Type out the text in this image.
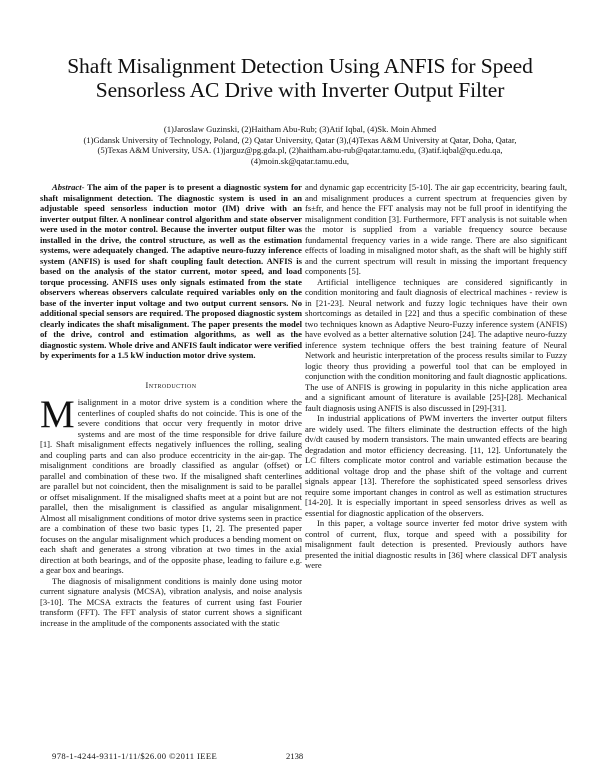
Shaft Misalignment Detection Using ANFIS for Speed Sensorless AC Drive with Inverter Output Filter
(1)Jaroslaw Guzinski, (2)Haitham Abu-Rub; (3)Atif Iqbal, (4)Sk. Moin Ahmed
(1)Gdansk University of Technology, Poland, (2) Qatar University, Qatar (3),(4)Texas A&M University at Qatar, Doha, Qatar,
(5)Texas A&M University, USA. (1)jarguz@pg.gda.pl, (2)haitham.abu-rub@qatar.tamu.edu, (3)atif.iqbal@qu.edu.qa,
(4)moin.sk@qatar.tamu.edu,

Abstract- The aim of the paper is to present a diagnostic system for shaft misalignment detection. The diagnostic system is used in an adjustable speed sensorless induction motor (IM) drive with an inverter output filter. A nonlinear control algorithm and state observer were used in the motor control. Because the inverter output filter was installed in the drive, the control structure, as well as the estimation systems, were adequately changed. The adaptive neuro-fuzzy inference system (ANFIS) is used for shaft coupling fault detection. ANFIS is based on the analysis of the stator current, motor speed, and load torque processing. ANFIS uses only signals estimated from the state observers whereas observers calculate required variables only on the base of the inverter input voltage and two output current sensors. No additional special sensors are required. The proposed diagnostic system clearly indicates the shaft misalignment. The paper presents the model of the drive, control and estimation algorithms, as well as the diagnostic system. Whole drive and ANFIS fault indicator were verified by experiments for a 1.5 kW induction motor drive system.

Introduction

Misalignment in a motor drive system is a condition where the centerlines of coupled shafts do not coincide. This is one of the severe conditions that occur very frequently in motor drive systems and are most of the time responsible for drive failure [1]. Shaft misalignment effects negatively influences the rolling, sealing and coupling parts and can also produce eccentricity in the air-gap. The misalignment conditions are broadly classified as angular (offset) or parallel and combination of these two. If the misaligned shaft centerlines are parallel but not coincident, then the misalignment is said to be parallel or offset misalignment. If the misaligned shafts meet at a point but are not parallel, then the misalignment is classified as angular misalignment. Almost all misalignment conditions of motor drive systems seen in practice are a combination of these two basic types [1, 2]. The presented paper focuses on the angular misalignment which produces a bending moment on each shaft and generates a strong vibration at two times in the axial direction at both bearings, and of the opposite phase, leading to failure e.g. a gear box and bearings.

The diagnosis of misalignment conditions is mainly done using motor current signature analysis (MCSA), vibration analysis, and noise analysis [3-10]. The MCSA extracts the features of current using fast Fourier transform (FFT). The FFT analysis of stator current shows a significant increase in the amplitude of the components associated with the static

and dynamic gap eccentricity [5-10]. The air gap eccentricity, bearing fault, and misalignment produces a current spectrum at frequencies given by fs±fr, and hence the FFT analysis may not be full proof in identifying the misalignment condition [3]. Furthermore, FFT analysis is not suitable when the motor is supplied from a variable frequency source because fundamental frequency varies in a wide range. There are also significant effects of loading in misaligned motor shaft, as the shaft will be highly stiff and the current spectrum will result in missing the important frequency components [5].

Artificial intelligence techniques are considered significantly in condition monitoring and fault diagnosis of electrical machines - review is in [21-23]. Neural network and fuzzy logic techniques have their own shortcomings as detailed in [22] and thus a specific combination of these two techniques known as Adaptive Neuro-Fuzzy inference system (ANFIS) have evolved as a better alternative solution [24]. The adaptive neuro-fuzzy inference system technique offers the best training feature of Neural Network and heuristic interpretation of the process results similar to Fuzzy logic theory thus providing a powerful tool that can be employed in conjunction with the condition monitoring and fault diagnostic applications. The use of ANFIS is growing in popularity in this niche application area and a significant amount of literature is available [25]-[28]. Mechanical fault diagnosis using ANFIS is also discussed in [29]-[31].

In industrial applications of PWM inverters the inverter output filters are widely used. The filters eliminate the destruction effects of the high dv/dt caused by modern transistors. The main unwanted effects are bearing degradation and motor efficiency decreasing. [11, 12]. Unfortunately the LC filters complicate motor control and variable estimation because the additional voltage drop and the phase shift of the voltage and current signals appear [13]. Therefore the sophisticated speed sensorless drives require some important changes in control as well as estimation structures [14-20]. It is especially important in speed sensorless drives as well as essential for diagnostic application of the observers.

In this paper, a voltage source inverter fed motor drive system with control of current, flux, torque and speed with a possibility for misalignment fault detection is presented. Previously authors have presented the initial diagnostic results in [36] where classical DFT analysis were

978-1-4244-9311-1/11/$26.00 ©2011 IEEE	2138
